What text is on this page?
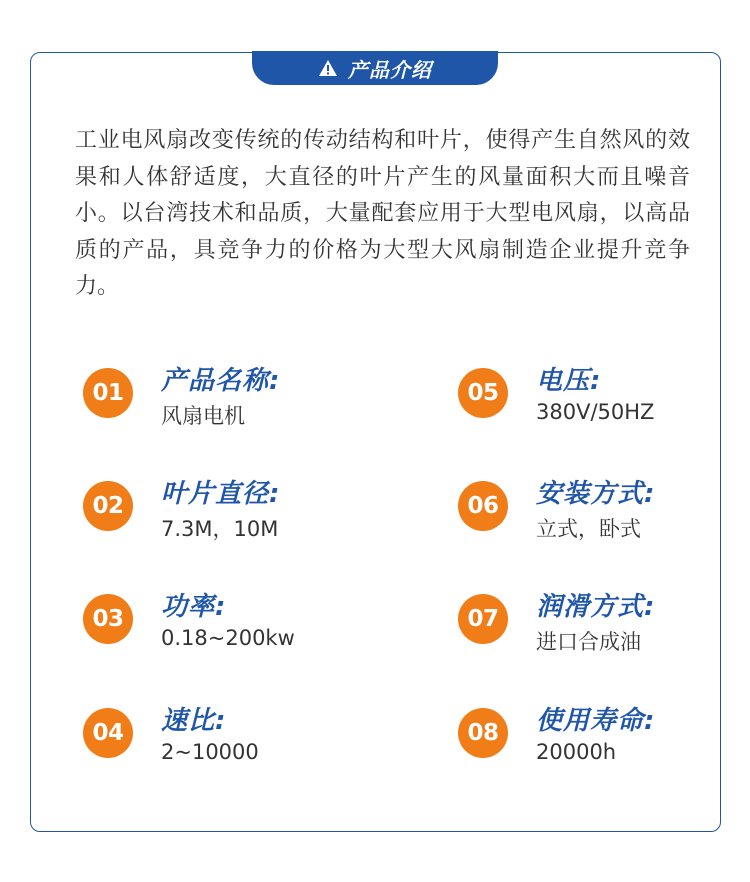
产品介绍

工业电风扇改变传统的传动结构和叶片，使得产生自然风的效果和人体舒适度，大直径的叶片产生的风量面积大而且噪音小。以台湾技术和品质，大量配套应用于大型电风扇，以高品质的产品，具竞争力的价格为大型大风扇制造企业提升竞争力。

01	产品名称:
风扇电机
02	叶片直径:
7.3M，10M
03	功率:
0.18~200kw
04	速比:
2~10000
05	电压:
380V/50HZ
06	安装方式:
立式，卧式
07	润滑方式:
进口合成油
08	使用寿命:
20000h
